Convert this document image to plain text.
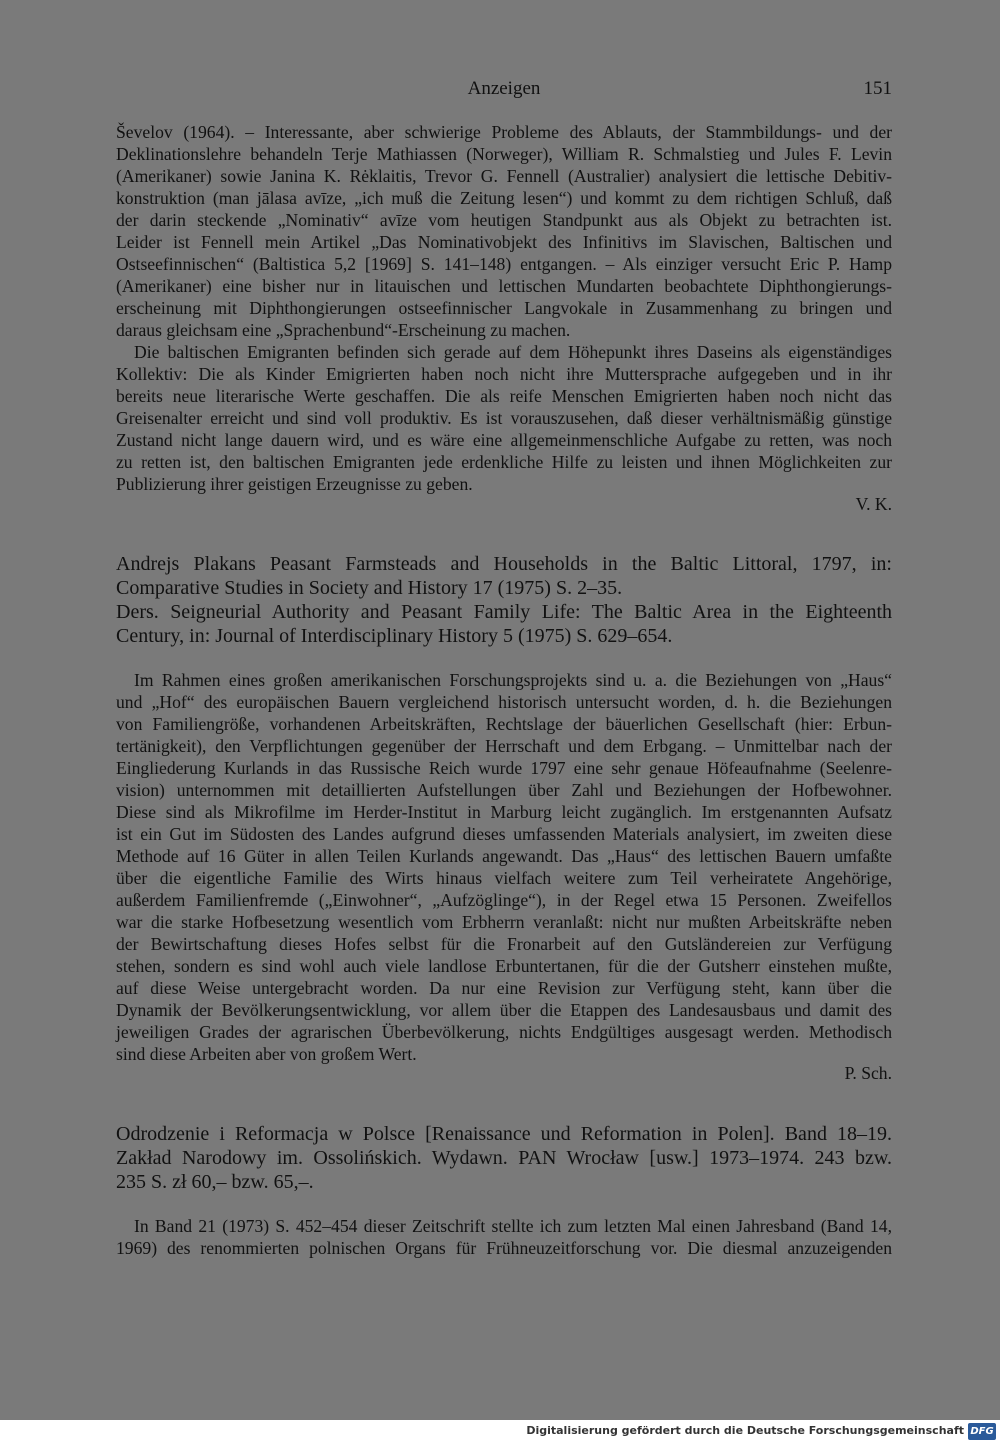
Anzeigen	151
Ševelov (1964). – Interessante, aber schwierige Probleme des Ablauts, der Stammbildungs- und der
Deklinationslehre behandeln Terje Mathiassen (Norweger), William R. Schmalstieg und Jules F. Levin
(Amerikaner) sowie Janina K. Rėklaitis, Trevor G. Fennell (Australier) analysiert die lettische Debitiv-
konstruktion (man jālasa avīze, „ich muß die Zeitung lesen“) und kommt zu dem richtigen Schluß, daß
der darin steckende „Nominativ“ avīze vom heutigen Standpunkt aus als Objekt zu betrachten ist.
Leider ist Fennell mein Artikel „Das Nominativobjekt des Infinitivs im Slavischen, Baltischen und
Ostseefinnischen“ (Baltistica 5,2 [1969] S. 141–148) entgangen. – Als einziger versucht Eric P. Hamp
(Amerikaner) eine bisher nur in litauischen und lettischen Mundarten beobachtete Diphthongierungs-
erscheinung mit Diphthongierungen ostseefinnischer Langvokale in Zusammenhang zu bringen und
daraus gleichsam eine „Sprachenbund“-Erscheinung zu machen.
Die baltischen Emigranten befinden sich gerade auf dem Höhepunkt ihres Daseins als eigenständiges
Kollektiv: Die als Kinder Emigrierten haben noch nicht ihre Muttersprache aufgegeben und in ihr
bereits neue literarische Werte geschaffen. Die als reife Menschen Emigrierten haben noch nicht das
Greisenalter erreicht und sind voll produktiv. Es ist vorauszusehen, daß dieser verhältnismäßig günstige
Zustand nicht lange dauern wird, und es wäre eine allgemeinmenschliche Aufgabe zu retten, was noch
zu retten ist, den baltischen Emigranten jede erdenkliche Hilfe zu leisten und ihnen Möglichkeiten zur
Publizierung ihrer geistigen Erzeugnisse zu geben.
V. K.
Andrejs Plakans Peasant Farmsteads and Households in the Baltic Littoral, 1797, in:
Comparative Studies in Society and History 17 (1975) S. 2–35.
Ders. Seigneurial Authority and Peasant Family Life: The Baltic Area in the Eighteenth
Century, in: Journal of Interdisciplinary History 5 (1975) S. 629–654.
Im Rahmen eines großen amerikanischen Forschungsprojekts sind u. a. die Beziehungen von „Haus“
und „Hof“ des europäischen Bauern vergleichend historisch untersucht worden, d. h. die Beziehungen
von Familiengröße, vorhandenen Arbeitskräften, Rechtslage der bäuerlichen Gesellschaft (hier: Erbun-
tertänigkeit), den Verpflichtungen gegenüber der Herrschaft und dem Erbgang. – Unmittelbar nach der
Eingliederung Kurlands in das Russische Reich wurde 1797 eine sehr genaue Höfeaufnahme (Seelenre-
vision) unternommen mit detaillierten Aufstellungen über Zahl und Beziehungen der Hofbewohner.
Diese sind als Mikrofilme im Herder-Institut in Marburg leicht zugänglich. Im erstgenannten Aufsatz
ist ein Gut im Südosten des Landes aufgrund dieses umfassenden Materials analysiert, im zweiten diese
Methode auf 16 Güter in allen Teilen Kurlands angewandt. Das „Haus“ des lettischen Bauern umfaßte
über die eigentliche Familie des Wirts hinaus vielfach weitere zum Teil verheiratete Angehörige,
außerdem Familienfremde („Einwohner“, „Aufzöglinge“), in der Regel etwa 15 Personen. Zweifellos
war die starke Hofbesetzung wesentlich vom Erbherrn veranlaßt: nicht nur mußten Arbeitskräfte neben
der Bewirtschaftung dieses Hofes selbst für die Fronarbeit auf den Gutsländereien zur Verfügung
stehen, sondern es sind wohl auch viele landlose Erbuntertanen, für die der Gutsherr einstehen mußte,
auf diese Weise untergebracht worden. Da nur eine Revision zur Verfügung steht, kann über die
Dynamik der Bevölkerungsentwicklung, vor allem über die Etappen des Landesausbaus und damit des
jeweiligen Grades der agrarischen Überbevölkerung, nichts Endgültiges ausgesagt werden. Methodisch
sind diese Arbeiten aber von großem Wert.
P. Sch.
Odrodzenie i Reformacja w Polsce [Renaissance und Reformation in Polen]. Band 18–19.
Zakład Narodowy im. Ossolińskich. Wydawn. PAN Wrocław [usw.] 1973–1974. 243 bzw.
235 S. zł 60,– bzw. 65,–.
In Band 21 (1973) S. 452–454 dieser Zeitschrift stellte ich zum letzten Mal einen Jahresband (Band 14,
1969) des renommierten polnischen Organs für Frühneuzeitforschung vor. Die diesmal anzuzeigenden
Digitalisierung gefördert durch die Deutsche Forschungsgemeinschaft DFG
